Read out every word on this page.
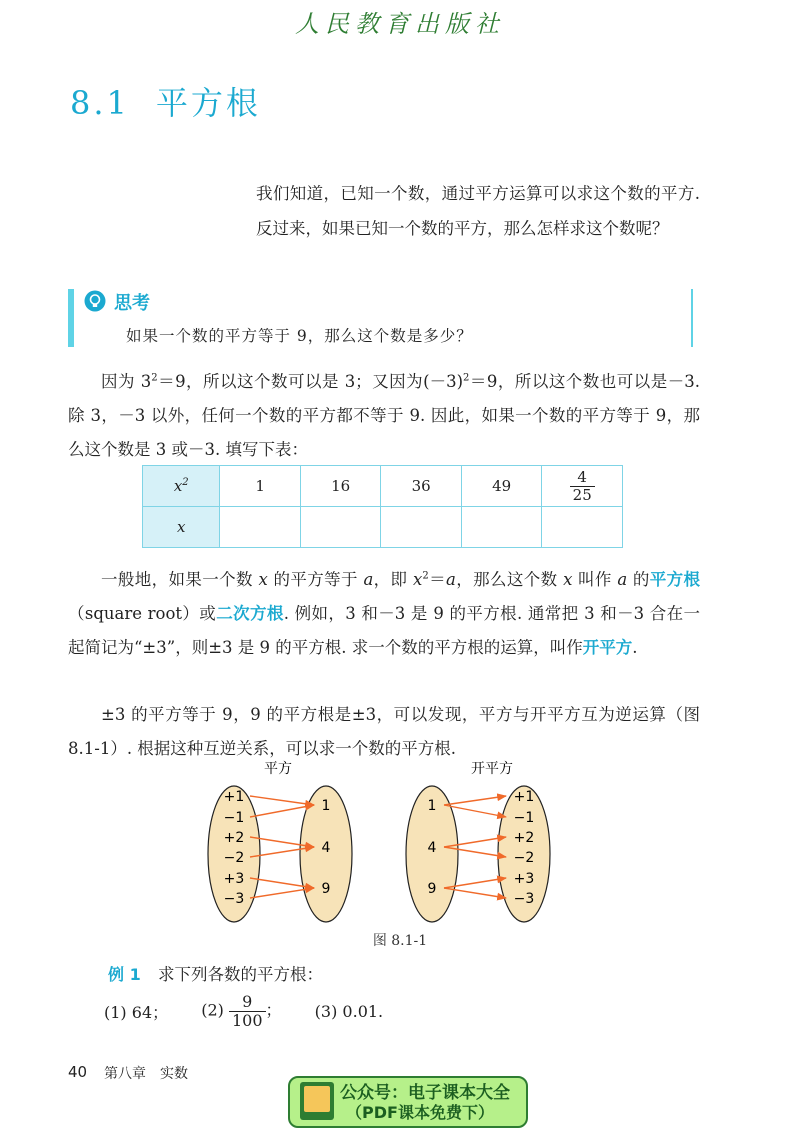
人民教育出版社
8.1 平方根
我们知道，已知一个数，通过平方运算可以求这个数的平方. 反过来，如果已知一个数的平方，那么怎样求这个数呢？
思考
如果一个数的平方等于 9，那么这个数是多少？

因为 $3^2=9$，所以这个数可以是 3；又因为$(-3)^2=9$，所以这个数也可以是－3. 除 3，－3 以外，任何一个数的平方都不等于 9. 因此，如果一个数的平方等于 9，那么这个数是 3 或－3. 填写下表：

$x^2$	1	16	36	49	$\frac{4}{25}$

x					

一般地，如果一个数 x 的平方等于 a，即 $x^2=a$，那么这个数 x 叫作 a 的平方根（square root）或二次方根. 例如，3 和－3 是 9 的平方根. 通常把 3 和－3 合在一起简记为“±3”，则±3 是 9 的平方根. 求一个数的平方根的运算，叫作开平方.

±3 的平方等于 9，9 的平方根是±3，可以发现，平方与开平方互为逆运算（图 8.1-1）. 根据这种互逆关系，可以求一个数的平方根.

平方	开平方
+1
−1
+2
−2
+3
−3
1
4
9
1
4
9
+1
−1
+2
−2
+3
−3
图 8.1-1
例 1 求下列各数的平方根：
(1) 64； $(2) \frac{9}{100}$ ； (3) 0.01.
40 第八章　实数
公众号：电子课本大全
（PDF课本免费下）
